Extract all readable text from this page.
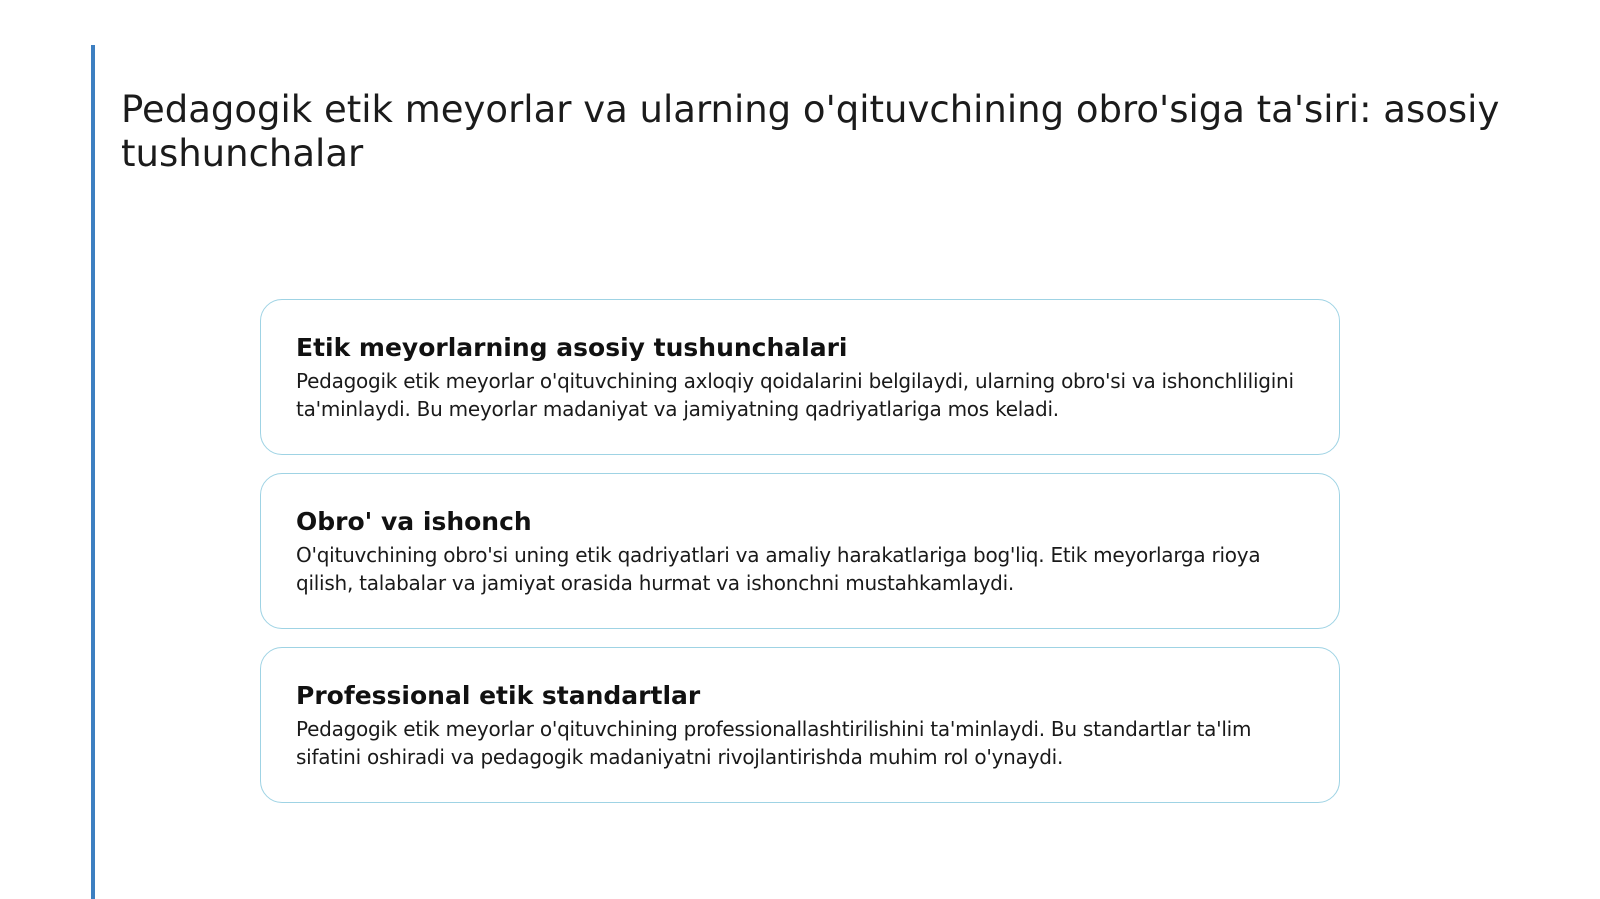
Pedagogik etik meyorlar va ularning o'qituvchining obro'siga ta'siri: asosiy tushunchalar
Etik meyorlarning asosiy tushunchalari

Pedagogik etik meyorlar o'qituvchining axloqiy qoidalarini belgilaydi, ularning obro'si va ishonchliligini ta'minlaydi. Bu meyorlar madaniyat va jamiyatning qadriyatlariga mos keladi.

Obro' va ishonch

O'qituvchining obro'si uning etik qadriyatlari va amaliy harakatlariga bog'liq. Etik meyorlarga rioya qilish, talabalar va jamiyat orasida hurmat va ishonchni mustahkamlaydi.

Professional etik standartlar

Pedagogik etik meyorlar o'qituvchining professionallashtirilishini ta'minlaydi. Bu standartlar ta'lim sifatini oshiradi va pedagogik madaniyatni rivojlantirishda muhim rol o'ynaydi.
